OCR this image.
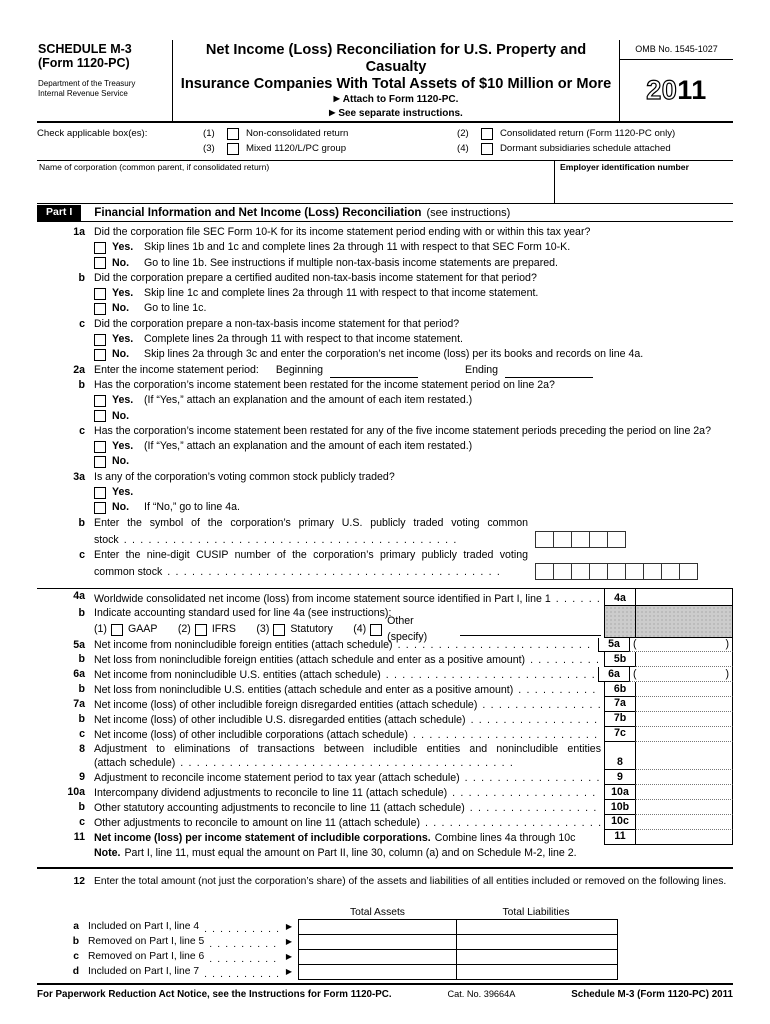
SCHEDULE M-3
(Form 1120-PC)
Department of the Treasury
Internal Revenue Service
Net Income (Loss) Reconciliation for U.S. Property and Casualty
Insurance Companies With Total Assets of $10 Million or More
▶ Attach to Form 1120-PC.
▶ See separate instructions.
OMB No. 1545-1027
20 11
Check applicable box(es):	(1)	Non-consolidated return	(2)	Consolidated return (Form 1120-PC only)
(3)	Mixed 1120/L/PC group	(4)	Dormant subsidiaries schedule attached
Name of corporation (common parent, if consolidated return)	Employer identification number
Part I	Financial Information and Net Income (Loss) Reconciliation (see instructions)
1a Did the corporation file SEC Form 10-K for its income statement period ending with or within this tax year?
Yes.	Skip lines 1b and 1c and complete lines 2a through 11 with respect to that SEC Form 10-K.
No.	Go to line 1b. See instructions if multiple non-tax-basis income statements are prepared.
b Did the corporation prepare a certified audited non-tax-basis income statement for that period?
Yes.	Skip line 1c and complete lines 2a through 11 with respect to that income statement.
No.	Go to line 1c.
c Did the corporation prepare a non-tax-basis income statement for that period?
Yes.	Complete lines 2a through 11 with respect to that income statement.
No.	Skip lines 2a through 3c and enter the corporation’s net income (loss) per its books and records on line 4a.
2a Enter the income statement period: Beginning	Ending
b Has the corporation’s income statement been restated for the income statement period on line 2a?
Yes.	(If “Yes,” attach an explanation and the amount of each item restated.)
No.
c Has the corporation’s income statement been restated for any of the five income statement periods preceding the period on line 2a?
Yes.	(If “Yes,” attach an explanation and the amount of each item restated.)
No.
3a Is any of the corporation’s voting common stock publicly traded?
Yes.
No.	If “No,” go to line 4a.
b Enter the symbol of the corporation’s primary U.S. publicly traded voting common
stock
. . .
c Enter the nine-digit CUSIP number of the corporation’s primary publicly traded voting
common stock
. . .
4a Worldwide consolidated net income (loss) from income statement source identified in Part I, line 1 . . .	4a
b Indicate accounting standard used for line 4a (see instructions):
(1) GAAP (2) IFRS (3) Statutory (4)
Other (specify)
5a Net income from nonincludible foreign entities (attach schedule) . . .	5a	(	)
b Net loss from nonincludible foreign entities (attach schedule and enter as a positive amount) . . .	5b
6a Net income from nonincludible U.S. entities (attach schedule) . . .	6a	(	)
b Net loss from nonincludible U.S. entities (attach schedule and enter as a positive amount) . . .	6b
7a Net income (loss) of other includible foreign disregarded entities (attach schedule) . . .	7a
b Net income (loss) of other includible U.S. disregarded entities (attach schedule) . . .	7b
c Net income (loss) of other includible corporations (attach schedule) . . .	7c
8 Adjustment to eliminations of transactions between includible entities and nonincludible entities
(attach schedule) . . .	8
9 Adjustment to reconcile income statement period to tax year (attach schedule) . . .	9
10a Intercompany dividend adjustments to reconcile to line 11 (attach schedule) . . .	10a
b Other statutory accounting adjustments to reconcile to line 11 (attach schedule) . . .	10b
c Other adjustments to reconcile to amount on line 11 (attach schedule) . . .	10c
11 Net income (loss) per income statement of includible corporations. Combine lines 4a through 10c	11
Note. Part I, line 11, must equal the amount on Part II, line 30, column (a) and on Schedule M-2, line 2.
12 Enter the total amount (not just the corporation’s share) of the assets and liabilities of all entities included or removed on the following lines.
Total Assets	Total Liabilities
a Included on Part I, line 4
. . .
▶
b Removed on Part I, line 5
. . .
▶
c Removed on Part I, line 6
. . .
▶
d Included on Part I, line 7
. . .
▶
For Paperwork Reduction Act Notice, see the Instructions for Form 1120-PC.	Cat. No. 39664A	Schedule M-3 (Form 1120-PC) 2011
